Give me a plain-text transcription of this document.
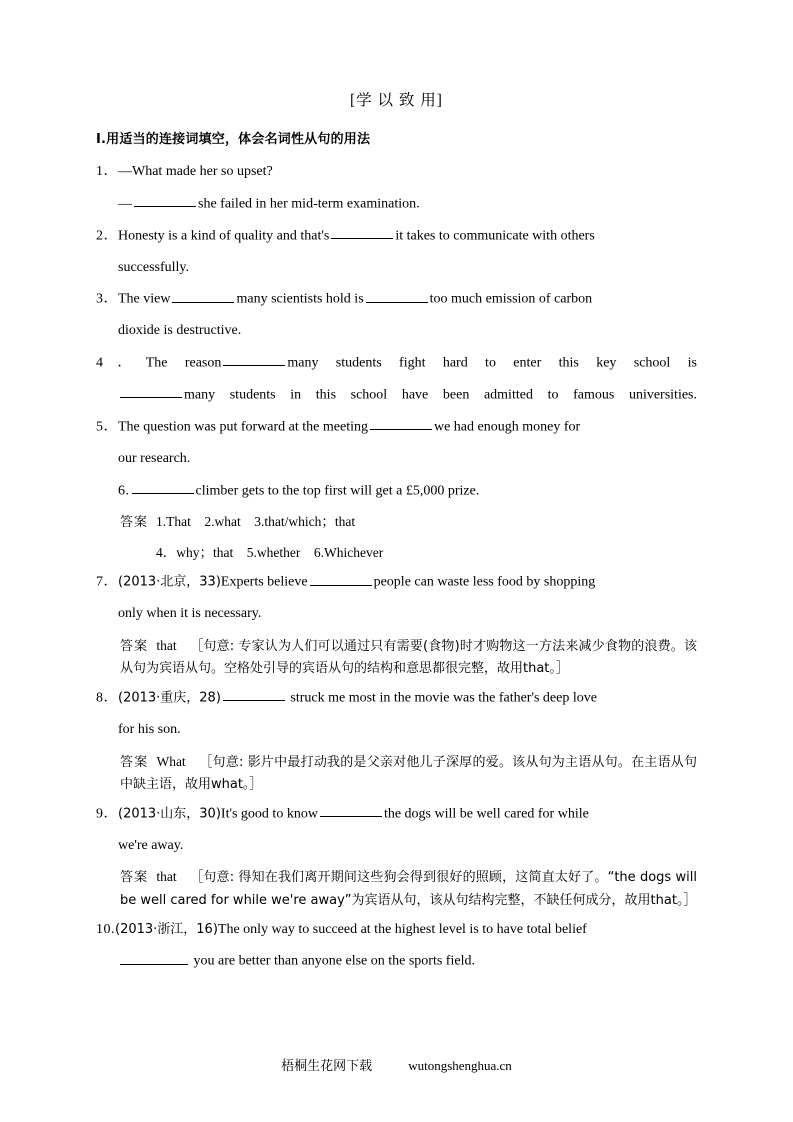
[学 以 致 用]
Ⅰ.用适当的连接词填空，体会名词性从句的用法
1．—What made her so upset?
—	she failed in her mid-term examination.
2．Honesty is a kind of quality and that's	it takes to communicate with others
successfully.
3．The view	many scientists hold is	too much emission of carbon
dioxide is destructive.
4．The reason	many students fight hard to enter this key school is
many students in this school have been admitted to famous universities.
5．The question was put forward at the meeting	we had enough money for
our research.
6.	climber gets to the top first will get a £5,000 prize.
答案 1.That　2.what　3.that/which；that
4．why；that　5.whether　6.Whichever
7．(2013·北京，33)Experts believe	people can waste less food by shopping
only when it is necessary.
答案 that ［句意: 专家认为人们可以通过只有需要(食物)时才购物这一方法来减少食物的浪费。该从句为宾语从句。空格处引导的宾语从句的结构和意思都很完整，故用that。］
8．(2013·重庆，28)	struck me most in the movie was the father's deep love
for his son.
答案 What ［句意: 影片中最打动我的是父亲对他儿子深厚的爱。该从句为主语从句。在主语从句中缺主语，故用what。］
9．(2013·山东，30)It's good to know	the dogs will be well cared for while
we're away.
答案 that ［句意: 得知在我们离开期间这些狗会得到很好的照顾，这简直太好了。“the dogs will be well cared for while we're away”为宾语从句，该从句结构完整，不缺任何成分，故用that。］
10.(2013·浙江，16)The only way to succeed at the highest level is to have total belief
you are better than anyone else on the sports field.
梧桐生花网下载	wutongshenghua.cn
